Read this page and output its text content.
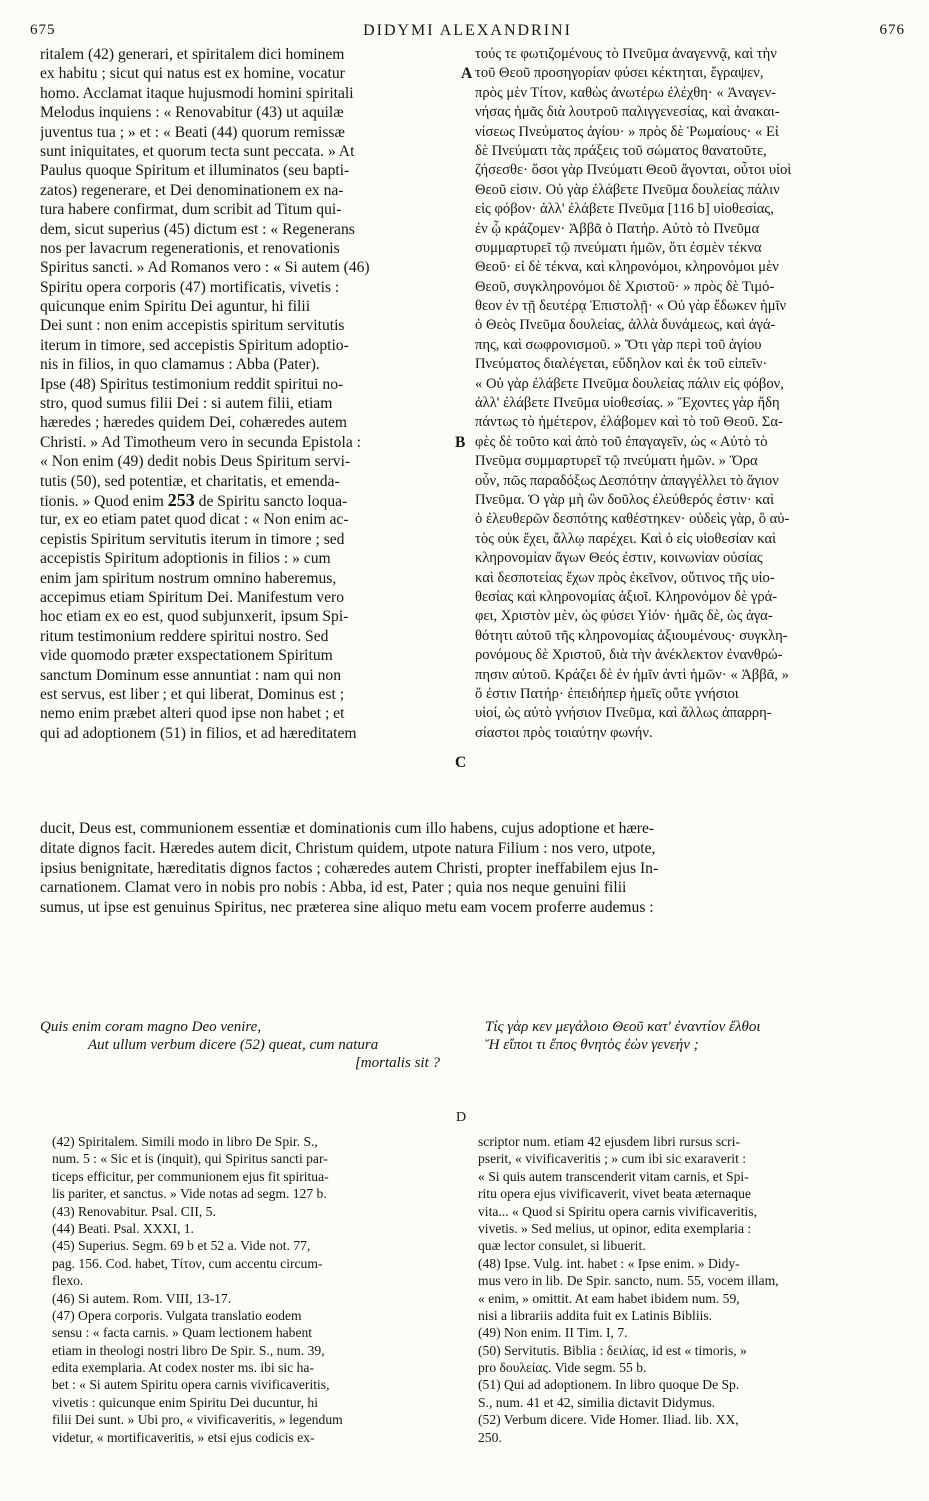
675	DIDYMI ALEXANDRINI	676
A
B
C
D
ritalem (42) generari, et spiritalem dici hominem
ex habitu ; sicut qui natus est ex homine, vocatur
homo. Acclamat itaque hujusmodi homini spiritali
Melodus inquiens : « Renovabitur (43) ut aquilæ
juventus tua ; » et : « Beati (44) quorum remissæ
sunt iniquitates, et quorum tecta sunt peccata. » At
Paulus quoque Spiritum et illuminatos (seu bapti-
zatos) regenerare, et Dei denominationem ex na-
tura habere confirmat, dum scribit ad Titum qui-
dem, sicut superius (45) dictum est : « Regenerans
nos per lavacrum regenerationis, et renovationis
Spiritus sancti. » Ad Romanos vero : « Si autem (46)
Spiritu opera corporis (47) mortificatis, vivetis :
quicunque enim Spiritu Dei aguntur, hi filii
Dei sunt : non enim accepistis spiritum servitutis
iterum in timore, sed accepistis Spiritum adoptio-
nis in filios, in quo clamamus : Abba (Pater).
Ipse (48) Spiritus testimonium reddit spiritui no-
stro, quod sumus filii Dei : si autem filii, etiam
hæredes ; hæredes quidem Dei, cohæredes autem
Christi. » Ad Timotheum vero in secunda Epistola :
« Non enim (49) dedit nobis Deus Spiritum servi-
tutis (50), sed potentiæ, et charitatis, et emenda-
tionis. » Quod enim 253 de Spiritu sancto loqua-
tur, ex eo etiam patet quod dicat : « Non enim ac-
cepistis Spiritum servitutis iterum in timore ; sed
accepistis Spiritum adoptionis in filios : » cum
enim jam spiritum nostrum omnino haberemus,
accepimus etiam Spiritum Dei. Manifestum vero
hoc etiam ex eo est, quod subjunxerit, ipsum Spi-
ritum testimonium reddere spiritui nostro. Sed
vide quomodo præter exspectationem Spiritum
sanctum Dominum esse annuntiat : nam qui non
est servus, est liber ; et qui liberat, Dominus est ;
nemo enim præbet alteri quod ipse non habet ; et
qui ad adoptionem (51) in filios, et ad hæreditatem
τούς τε φωτιζομένους τὸ Πνεῦμα ἀναγεννᾷ, καὶ τὴν
τοῦ Θεοῦ προσηγορίαν φύσει κέκτηται, ἔγραψεν,
πρὸς μὲν Τίτον, καθὼς ἀνωτέρω ἐλέχθη· « Ἀναγεν-
νήσας ἡμᾶς διὰ λουτροῦ παλιγγενεσίας, καὶ ἀνακαι-
νίσεως Πνεύματος ἁγίου· » πρὸς δὲ Ῥωμαίους· « Εἰ
δὲ Πνεύματι τὰς πράξεις τοῦ σώματος θανατοῦτε,
ζήσεσθε· ὅσοι γὰρ Πνεύματι Θεοῦ ἄγονται, οὗτοι υἱοὶ
Θεοῦ εἰσιν. Οὐ γὰρ ἐλάβετε Πνεῦμα δουλείας πάλιν
εἰς φόβον· ἀλλ' ἐλάβετε Πνεῦμα [116 b] υἱοθεσίας,
ἐν ᾧ κράζομεν· Ἀββᾶ ὁ Πατήρ. Αὐτὸ τὸ Πνεῦμα
συμμαρτυρεῖ τῷ πνεύματι ἡμῶν, ὅτι ἐσμὲν τέκνα
Θεοῦ· εἰ δὲ τέκνα, καὶ κληρονόμοι, κληρονόμοι μὲν
Θεοῦ, συγκληρονόμοι δὲ Χριστοῦ· » πρὸς δὲ Τιμό-
θεον ἐν τῇ δευτέρᾳ Ἐπιστολῇ· « Οὐ γὰρ ἔδωκεν ἡμῖν
ὁ Θεὸς Πνεῦμα δουλείας, ἀλλὰ δυνάμεως, καὶ ἀγά-
πης, καὶ σωφρονισμοῦ. » Ὅτι γὰρ περὶ τοῦ ἁγίου
Πνεύματος διαλέγεται, εὔδηλον καὶ ἐκ τοῦ εἰπεῖν·
« Οὐ γὰρ ἐλάβετε Πνεῦμα δουλείας πάλιν εἰς φόβον,
ἀλλ' ἐλάβετε Πνεῦμα υἱοθεσίας. » Ἔχοντες γὰρ ἤδη
πάντως τὸ ἡμέτερον, ἐλάβομεν καὶ τὸ τοῦ Θεοῦ. Σα-
φὲς δὲ τοῦτο καὶ ἀπὸ τοῦ ἐπαγαγεῖν, ὡς « Αὐτὸ τὸ
Πνεῦμα συμμαρτυρεῖ τῷ πνεύματι ἡμῶν. » Ὅρα
οὖν, πῶς παραδόξως Δεσπότην ἀπαγγέλλει τὸ ἅγιον
Πνεῦμα. Ὁ γὰρ μὴ ὢν δοῦλος ἐλεύθερός ἐστιν· καὶ
ὁ ἐλευθερῶν δεσπότης καθέστηκεν· οὐδεὶς γὰρ, ὃ αὐ-
τὸς οὐκ ἔχει, ἄλλῳ παρέχει. Καὶ ὁ εἰς υἱοθεσίαν καὶ
κληρονομίαν ἄγων Θεός ἐστιν, κοινωνίαν οὐσίας
καὶ δεσποτείας ἔχων πρὸς ἐκεῖνον, οὕτινος τῆς υἱο-
θεσίας καὶ κληρονομίας ἀξιοῖ. Κληρονόμον δὲ γρά-
φει, Χριστὸν μὲν, ὡς φύσει Υἱόν· ἡμᾶς δὲ, ὡς ἀγα-
θότητι αὐτοῦ τῆς κληρονομίας ἀξιουμένους· συγκλη-
ρονόμους δὲ Χριστοῦ, διὰ τὴν ἀνέκλεκτον ἐνανθρώ-
πησιν αὐτοῦ. Κράζει δὲ ἐν ἡμῖν ἀντὶ ἡμῶν· « Ἀββᾶ, »
ὅ ἐστιν Πατήρ· ἐπειδήπερ ἡμεῖς οὔτε γνήσιοι
υἱοί, ὡς αὐτὸ γνήσιον Πνεῦμα, καὶ ἄλλως ἀπαρρη-
σίαστοι πρὸς τοιαύτην φωνήν.
ducit, Deus est, communionem essentiæ et dominationis cum illo habens, cujus adoptione et hære-
ditate dignos facit. Hæredes autem dicit, Christum quidem, utpote natura Filium : nos vero, utpote,
ipsius benignitate, hæreditatis dignos factos ; cohæredes autem Christi, propter ineffabilem ejus In-
carnationem. Clamat vero in nobis pro nobis : Abba, id est, Pater ; quia nos neque genuini filii
sumus, ut ipse est genuinus Spiritus, nec præterea sine aliquo metu eam vocem proferre audemus :
Quis enim coram magno Deo venire,
Aut ullum verbum dicere (52) queat, cum natura
[mortalis sit ?
Τίς γὰρ κεν μεγάλοιο Θεοῦ κατ' ἐναντίον ἔλθοι
Ἤ εἴποι τι ἔπος θνητὸς ἐὼν γενεήν ;
(42) Spiritalem. Simili modo in libro De Spir. S.,
num. 5 : « Sic et is (inquit), qui Spiritus sancti par-
ticeps efficitur, per communionem ejus fit spiritua-
lis pariter, et sanctus. » Vide notas ad segm. 127 b.
(43) Renovabitur. Psal. CII, 5.
(44) Beati. Psal. XXXI, 1.
(45) Superius. Segm. 69 b et 52 a. Vide not. 77,
pag. 156. Cod. habet, Τίτον, cum accentu circum-
flexo.
(46) Si autem. Rom. VIII, 13-17.
(47) Opera corporis. Vulgata translatio eodem
sensu : « facta carnis. » Quam lectionem habent
etiam in theologi nostri libro De Spir. S., num. 39,
edita exemplaria. At codex noster ms. ibi sic ha-
bet : « Si autem Spiritu opera carnis vivificaveritis,
vivetis : quicunque enim Spiritu Dei ducuntur, hi
filii Dei sunt. » Ubi pro, « vivificaveritis, » legendum
videtur, « mortificaveritis, » etsi ejus codicis ex-
scriptor num. etiam 42 ejusdem libri rursus scri-
pserit, « vivificaveritis ; » cum ibi sic exaraverit :
« Si quis autem transcenderit vitam carnis, et Spi-
ritu opera ejus vivificaverit, vivet beata æternaque
vita... « Quod si Spiritu opera carnis vivificaveritis,
vivetis. » Sed melius, ut opinor, edita exemplaria :
quæ lector consulet, si libuerit.
(48) Ipse. Vulg. int. habet : « Ipse enim. » Didy-
mus vero in lib. De Spir. sancto, num. 55, vocem illam,
« enim, » omittit. At eam habet ibidem num. 59,
nisi a librariis addita fuit ex Latinis Bibliis.
(49) Non enim. II Tim. I, 7.
(50) Servitutis. Biblia : δειλίας, id est « timoris, »
pro δουλείας. Vide segm. 55 b.
(51) Qui ad adoptionem. In libro quoque De Sp.
S., num. 41 et 42, similia dictavit Didymus.
(52) Verbum dicere. Vide Homer. Iliad. lib. XX,
250.
